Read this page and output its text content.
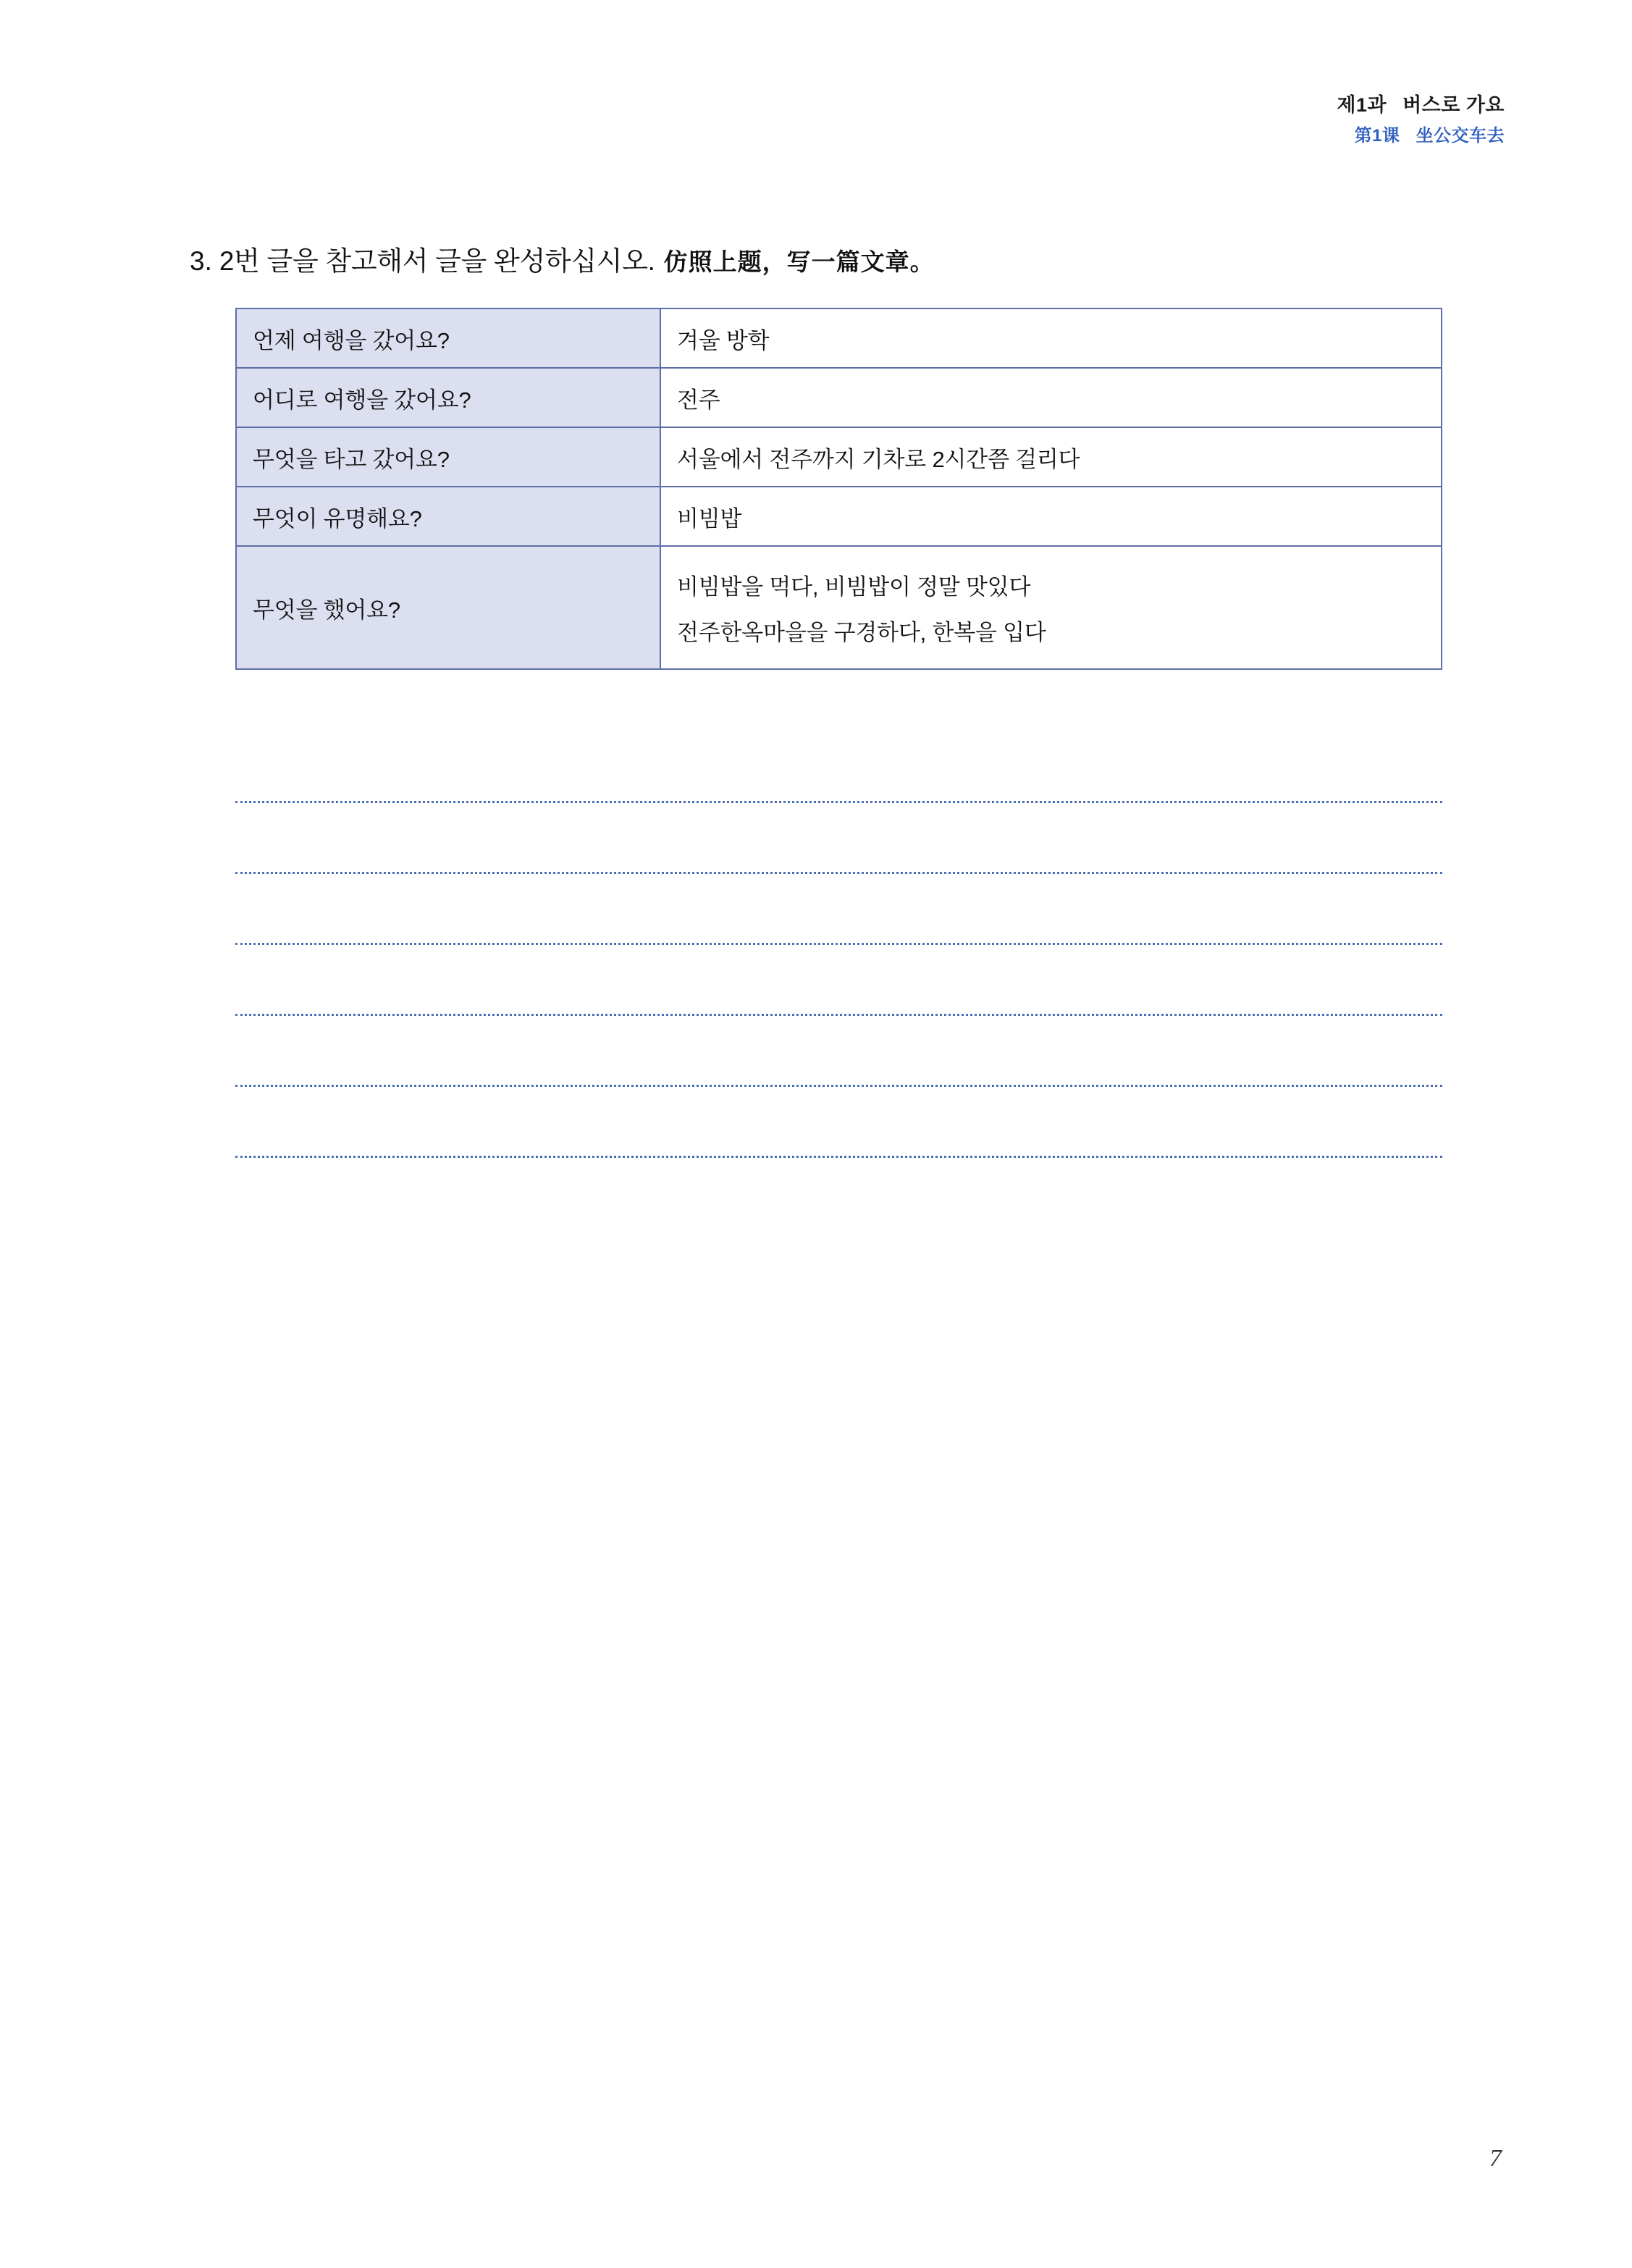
제1과 버스로 가요
第1课 坐公交车去
3. 2번 글을 참고해서 글을 완성하십시오. 仿照上题，写一篇文章。
언제 여행을 갔어요?	겨울 방학

어디로 여행을 갔어요?	전주

무엇을 타고 갔어요?	서울에서 전주까지 기차로 2시간쯤 걸리다

무엇이 유명해요?	비빔밥

무엇을 했어요?	비빔밥을 먹다, 비빔밥이 정말 맛있다
전주한옥마을을 구경하다, 한복을 입다
7
